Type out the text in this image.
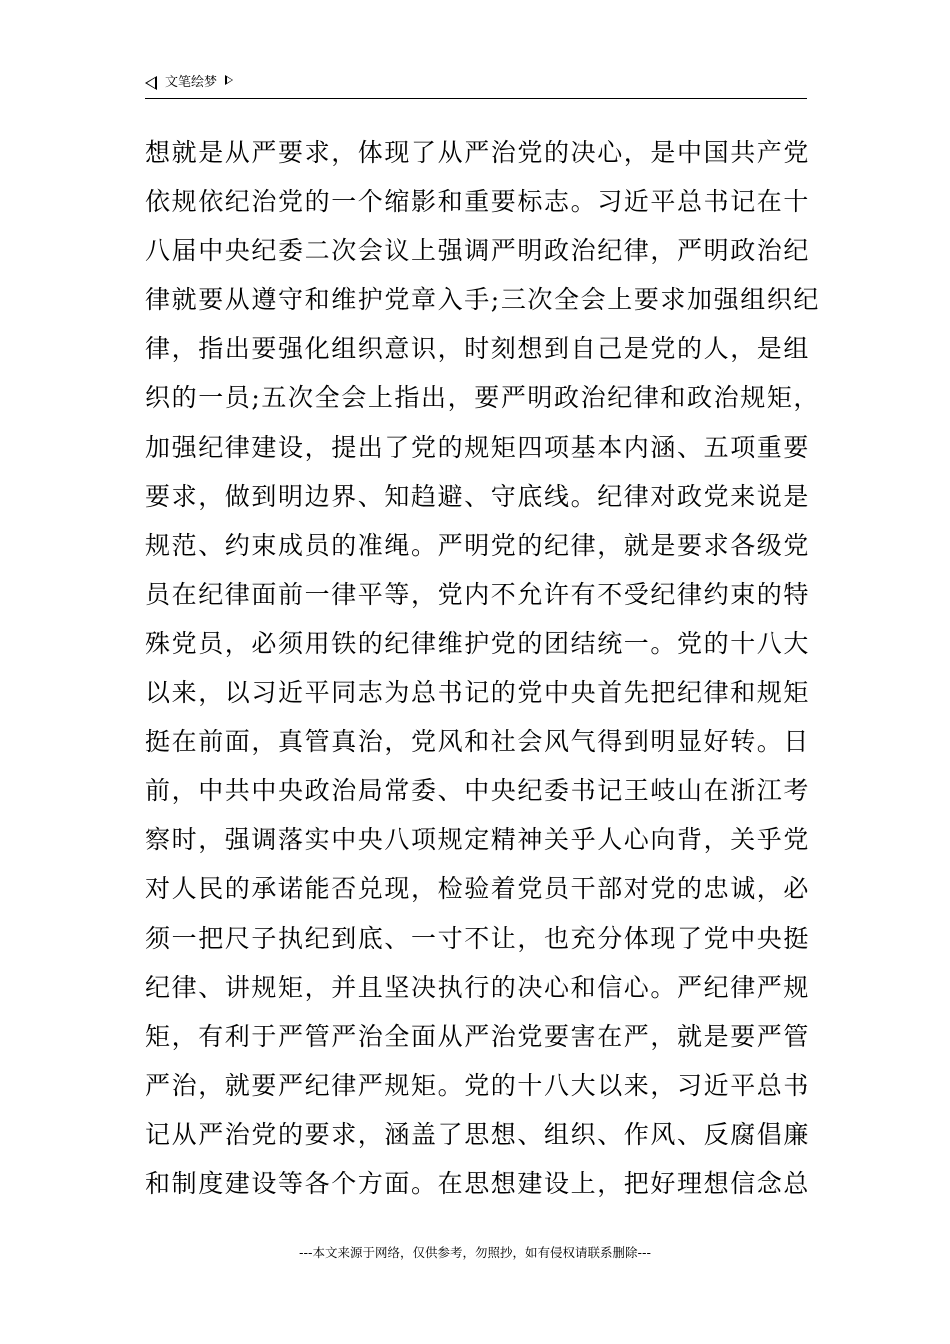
文笔绘梦
想就是从严要求，体现了从严治党的决心，是中国共产党
依规依纪治党的一个缩影和重要标志。习近平总书记在十
八届中央纪委二次会议上强调严明政治纪律，严明政治纪
律就要从遵守和维护党章入手;三次全会上要求加强组织纪
律，指出要强化组织意识，时刻想到自己是党的人，是组
织的一员;五次全会上指出，要严明政治纪律和政治规矩，
加强纪律建设，提出了党的规矩四项基本内涵、五项重要
要求，做到明边界、知趋避、守底线。纪律对政党来说是
规范、约束成员的准绳。严明党的纪律，就是要求各级党
员在纪律面前一律平等，党内不允许有不受纪律约束的特
殊党员，必须用铁的纪律维护党的团结统一。党的十八大
以来，以习近平同志为总书记的党中央首先把纪律和规矩
挺在前面，真管真治，党风和社会风气得到明显好转。日
前，中共中央政治局常委、中央纪委书记王岐山在浙江考
察时，强调落实中央八项规定精神关乎人心向背，关乎党
对人民的承诺能否兑现，检验着党员干部对党的忠诚，必
须一把尺子执纪到底、一寸不让，也充分体现了党中央挺
纪律、讲规矩，并且坚决执行的决心和信心。严纪律严规
矩，有利于严管严治全面从严治党要害在严，就是要严管
严治，就要严纪律严规矩。党的十八大以来，习近平总书
记从严治党的要求，涵盖了思想、组织、作风、反腐倡廉
和制度建设等各个方面。在思想建设上，把好理想信念总
---本文来源于网络，仅供参考，勿照抄，如有侵权请联系删除---
